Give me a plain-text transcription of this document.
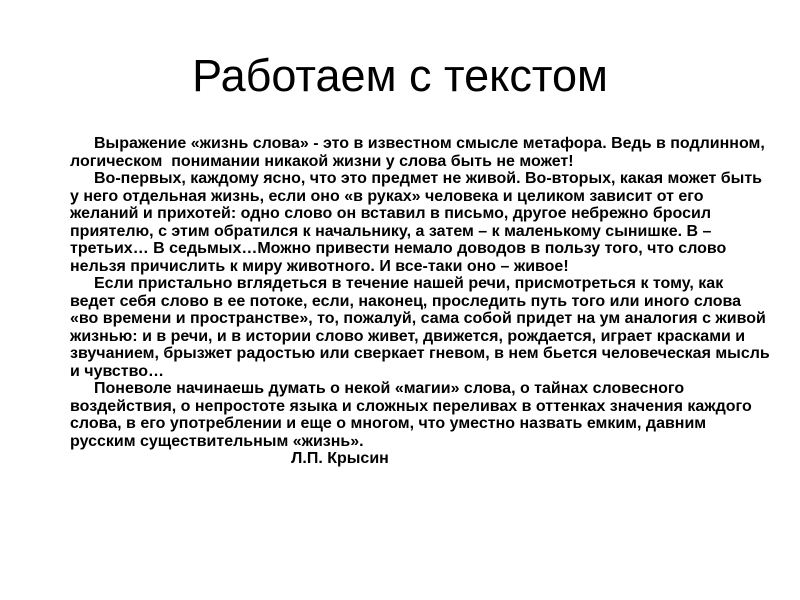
Работаем с текстом

Выражение «жизнь слова» - это в известном смысле метафора. Ведь в подлинном, логическом  понимании никакой жизни у слова быть не может!

Во-первых, каждому ясно, что это предмет не живой. Во-вторых, какая может быть у него отдельная жизнь, если оно «в руках» человека и целиком зависит от его желаний и прихотей: одно слово он вставил в письмо, другое небрежно бросил приятелю, с этим обратился к начальнику, а затем – к маленькому сынишке. В – третьих… В седьмых…Можно привести немало доводов в пользу того, что слово нельзя причислить к миру животного. И все-таки оно – живое!

Если пристально вглядеться в течение нашей речи, присмотреться к тому, как ведет себя слово в ее потоке, если, наконец, проследить путь того или иного слова «во времени и пространстве», то, пожалуй, сама собой придет на ум аналогия с живой жизнью: и в речи, и в истории слово живет, движется, рождается, играет красками и звучанием, брызжет радостью или сверкает гневом, в нем бьется человеческая мысль и чувство…

Поневоле начинаешь думать о некой «магии» слова, о тайнах словесного воздействия, о непростоте языка и сложных переливах в оттенках значения каждого слова, в его употреблении и еще о многом, что уместно назвать емким, давним русским существительным «жизнь».

Л.П. Крысин
